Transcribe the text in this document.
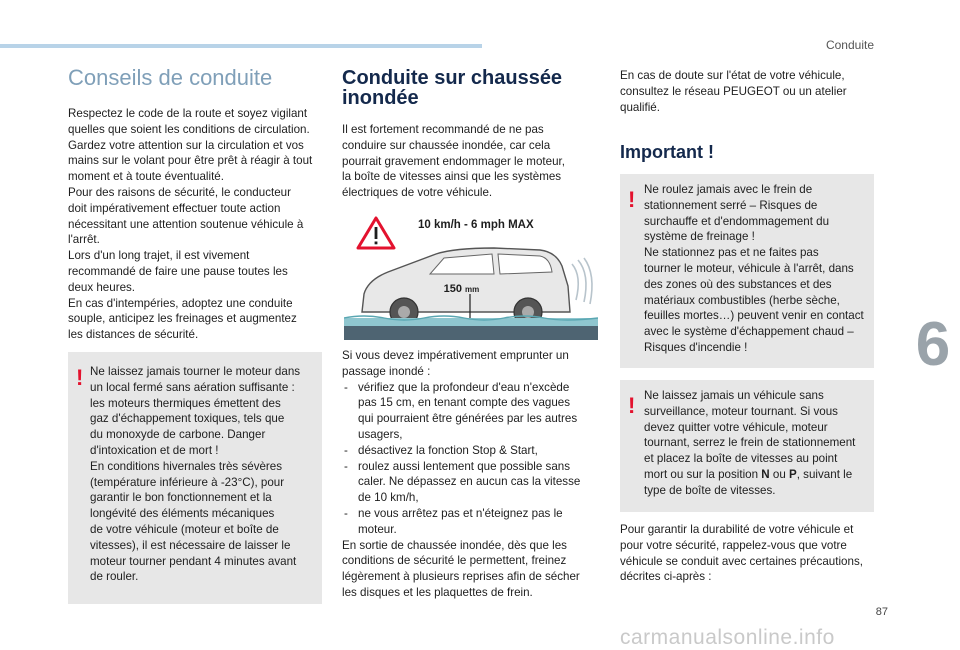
Conduite
6
Conseils de conduite

Respectez le code de la route et soyez vigilant
quelles que soient les conditions de circulation.
Gardez votre attention sur la circulation et vos
mains sur le volant pour être prêt à réagir à tout
moment et à toute éventualité.
Pour des raisons de sécurité, le conducteur
doit impérativement effectuer toute action
nécessitant une attention soutenue véhicule à
l'arrêt.
Lors d'un long trajet, il est vivement
recommandé de faire une pause toutes les
deux heures.
En cas d'intempéries, adoptez une conduite
souple, anticipez les freinages et augmentez
les distances de sécurité.

! Ne laissez jamais tourner le moteur dans
un local fermé sans aération suffisante :
les moteurs thermiques émettent des
gaz d'échappement toxiques, tels que
du monoxyde de carbone. Danger
d'intoxication et de mort !
En conditions hivernales très sévères
(température inférieure à -23°C), pour
garantir le bon fonctionnement et la
longévité des éléments mécaniques
de votre véhicule (moteur et boîte de
vitesses), il est nécessaire de laisser le
moteur tourner pendant 4 minutes avant
de rouler.

Conduite sur chaussée
inondée

Il est fortement recommandé de ne pas
conduire sur chaussée inondée, car cela
pourrait gravement endommager le moteur,
la boîte de vitesses ainsi que les systèmes
électriques de votre véhicule.

10 km/h - 6 mph MAX
150 mm

Si vous devez impérativement emprunter un
passage inondé :

- vérifiez que la profondeur d'eau n'excède
pas 15 cm, en tenant compte des vagues
qui pourraient être générées par les autres
usagers,

- désactivez la fonction Stop & Start,

- roulez aussi lentement que possible sans
caler. Ne dépassez en aucun cas la vitesse
de 10 km/h,

- ne vous arrêtez pas et n'éteignez pas le
moteur.

En sortie de chaussée inondée, dès que les
conditions de sécurité le permettent, freinez
légèrement à plusieurs reprises afin de sécher
les disques et les plaquettes de frein.

En cas de doute sur l'état de votre véhicule,
consultez le réseau PEUGEOT ou un atelier
qualifié.

Important !
! Ne roulez jamais avec le frein de
stationnement serré – Risques de
surchauffe et d'endommagement du
système de freinage !
Ne stationnez pas et ne faites pas
tourner le moteur, véhicule à l'arrêt, dans
des zones où des substances et des
matériaux combustibles (herbe sèche,
feuilles mortes…) peuvent venir en contact
avec le système d'échappement chaud –
Risques d'incendie !

! Ne laissez jamais un véhicule sans
surveillance, moteur tournant. Si vous
devez quitter votre véhicule, moteur
tournant, serrez le frein de stationnement
et placez la boîte de vitesses au point
mort ou sur la position N ou P, suivant le
type de boîte de vitesses.

Pour garantir la durabilité de votre véhicule et
pour votre sécurité, rappelez-vous que votre
véhicule se conduit avec certaines précautions,
décrites ci-après :

87
carmanualsonline.info
